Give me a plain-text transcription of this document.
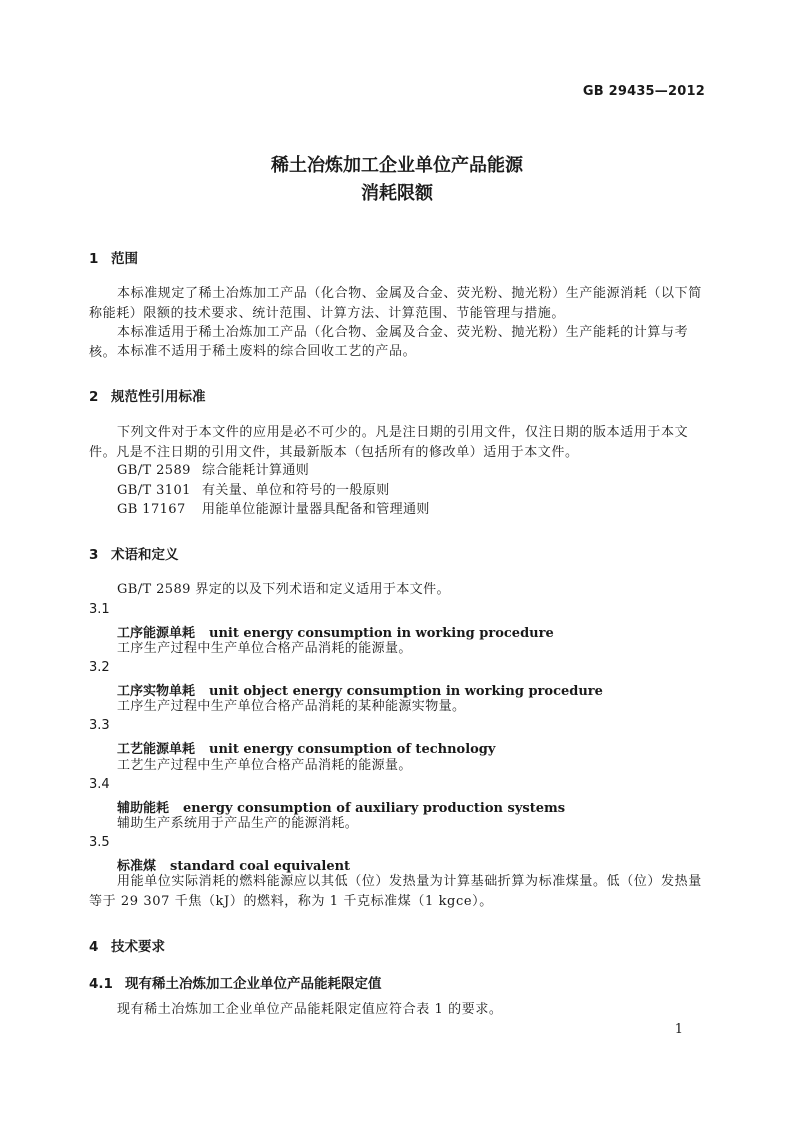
GB 29435—2012
稀土冶炼加工企业单位产品能源
消耗限额
1 范围
本标准规定了稀土冶炼加工产品（化合物、金属及合金、荧光粉、抛光粉）生产能源消耗（以下简称能耗）限额的技术要求、统计范围、计算方法、计算范围、节能管理与措施。
本标准适用于稀土冶炼加工产品（化合物、金属及合金、荧光粉、抛光粉）生产能耗的计算与考核。 本标准不适用于稀土废料的综合回收工艺的产品。
2 规范性引用标准
下列文件对于本文件的应用是必不可少的。凡是注日期的引用文件，仅注日期的版本适用于本文件。凡是不注日期的引用文件，其最新版本（包括所有的修改单）适用于本文件。
GB/T 2589 综合能耗计算通则
GB/T 3101 有关量、单位和符号的一般原则
GB 17167 用能单位能源计量器具配备和管理通则
3 术语和定义
GB/T 2589 界定的以及下列术语和定义适用于本文件。
3.1
工序能源单耗 unit energy consumption in working procedure
工序生产过程中生产单位合格产品消耗的能源量。
3.2
工序实物单耗 unit object energy consumption in working procedure
工序生产过程中生产单位合格产品消耗的某种能源实物量。
3.3
工艺能源单耗 unit energy consumption of technology
工艺生产过程中生产单位合格产品消耗的能源量。
3.4
辅助能耗 energy consumption of auxiliary production systems
辅助生产系统用于产品生产的能源消耗。
3.5
标准煤 standard coal equivalent
用能单位实际消耗的燃料能源应以其低（位）发热量为计算基础折算为标准煤量。低（位）发热量等于 29 307 千焦（kJ）的燃料，称为 1 千克标准煤（1 kgce）。
4 技术要求
4.1 现有稀土冶炼加工企业单位产品能耗限定值
现有稀土冶炼加工企业单位产品能耗限定值应符合表 1 的要求。
1
